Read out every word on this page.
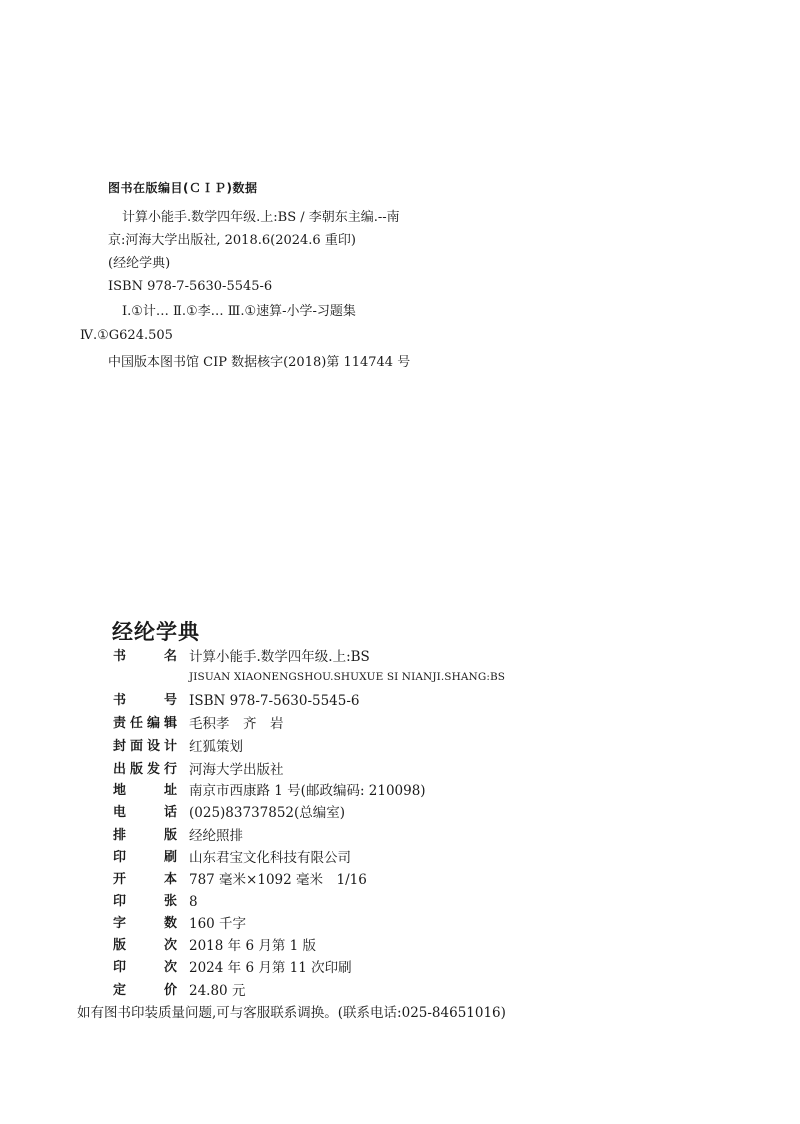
图书在版编目(ＣＩＰ)数据
计算小能手.数学四年级.上:BS / 李朝东主编.--南
京:河海大学出版社, 2018.6(2024.6 重印)
(经纶学典)
ISBN 978-7-5630-5545-6
Ⅰ.①计… Ⅱ.①李… Ⅲ.①速算-小学-习题集
Ⅳ.①G624.505
中国版本图书馆 CIP 数据核字(2018)第 114744 号
经纶学典
JISUAN XIAONENGSHOU.SHUXUE SI NIANJI.SHANG:BS
书	名 计算小能手.数学四年级.上:BS
书	号 ISBN 978-7-5630-5545-6
责 任 编 辑 毛积孝　齐　岩
封 面 设 计 红狐策划
出 版 发 行 河海大学出版社
地	址 南京市西康路 1 号(邮政编码: 210098)
电	话 (025)83737852(总编室)
排	版 经纶照排
印	刷 山东君宝文化科技有限公司
开	本 787 毫米×1092 毫米　1/16
印	张 8
字	数 160 千字
版	次 2018 年 6 月第 1 版
印	次 2024 年 6 月第 11 次印刷
定	价 24.80 元
如有图书印装质量问题,可与客服联系调换。(联系电话:025-84651016)
